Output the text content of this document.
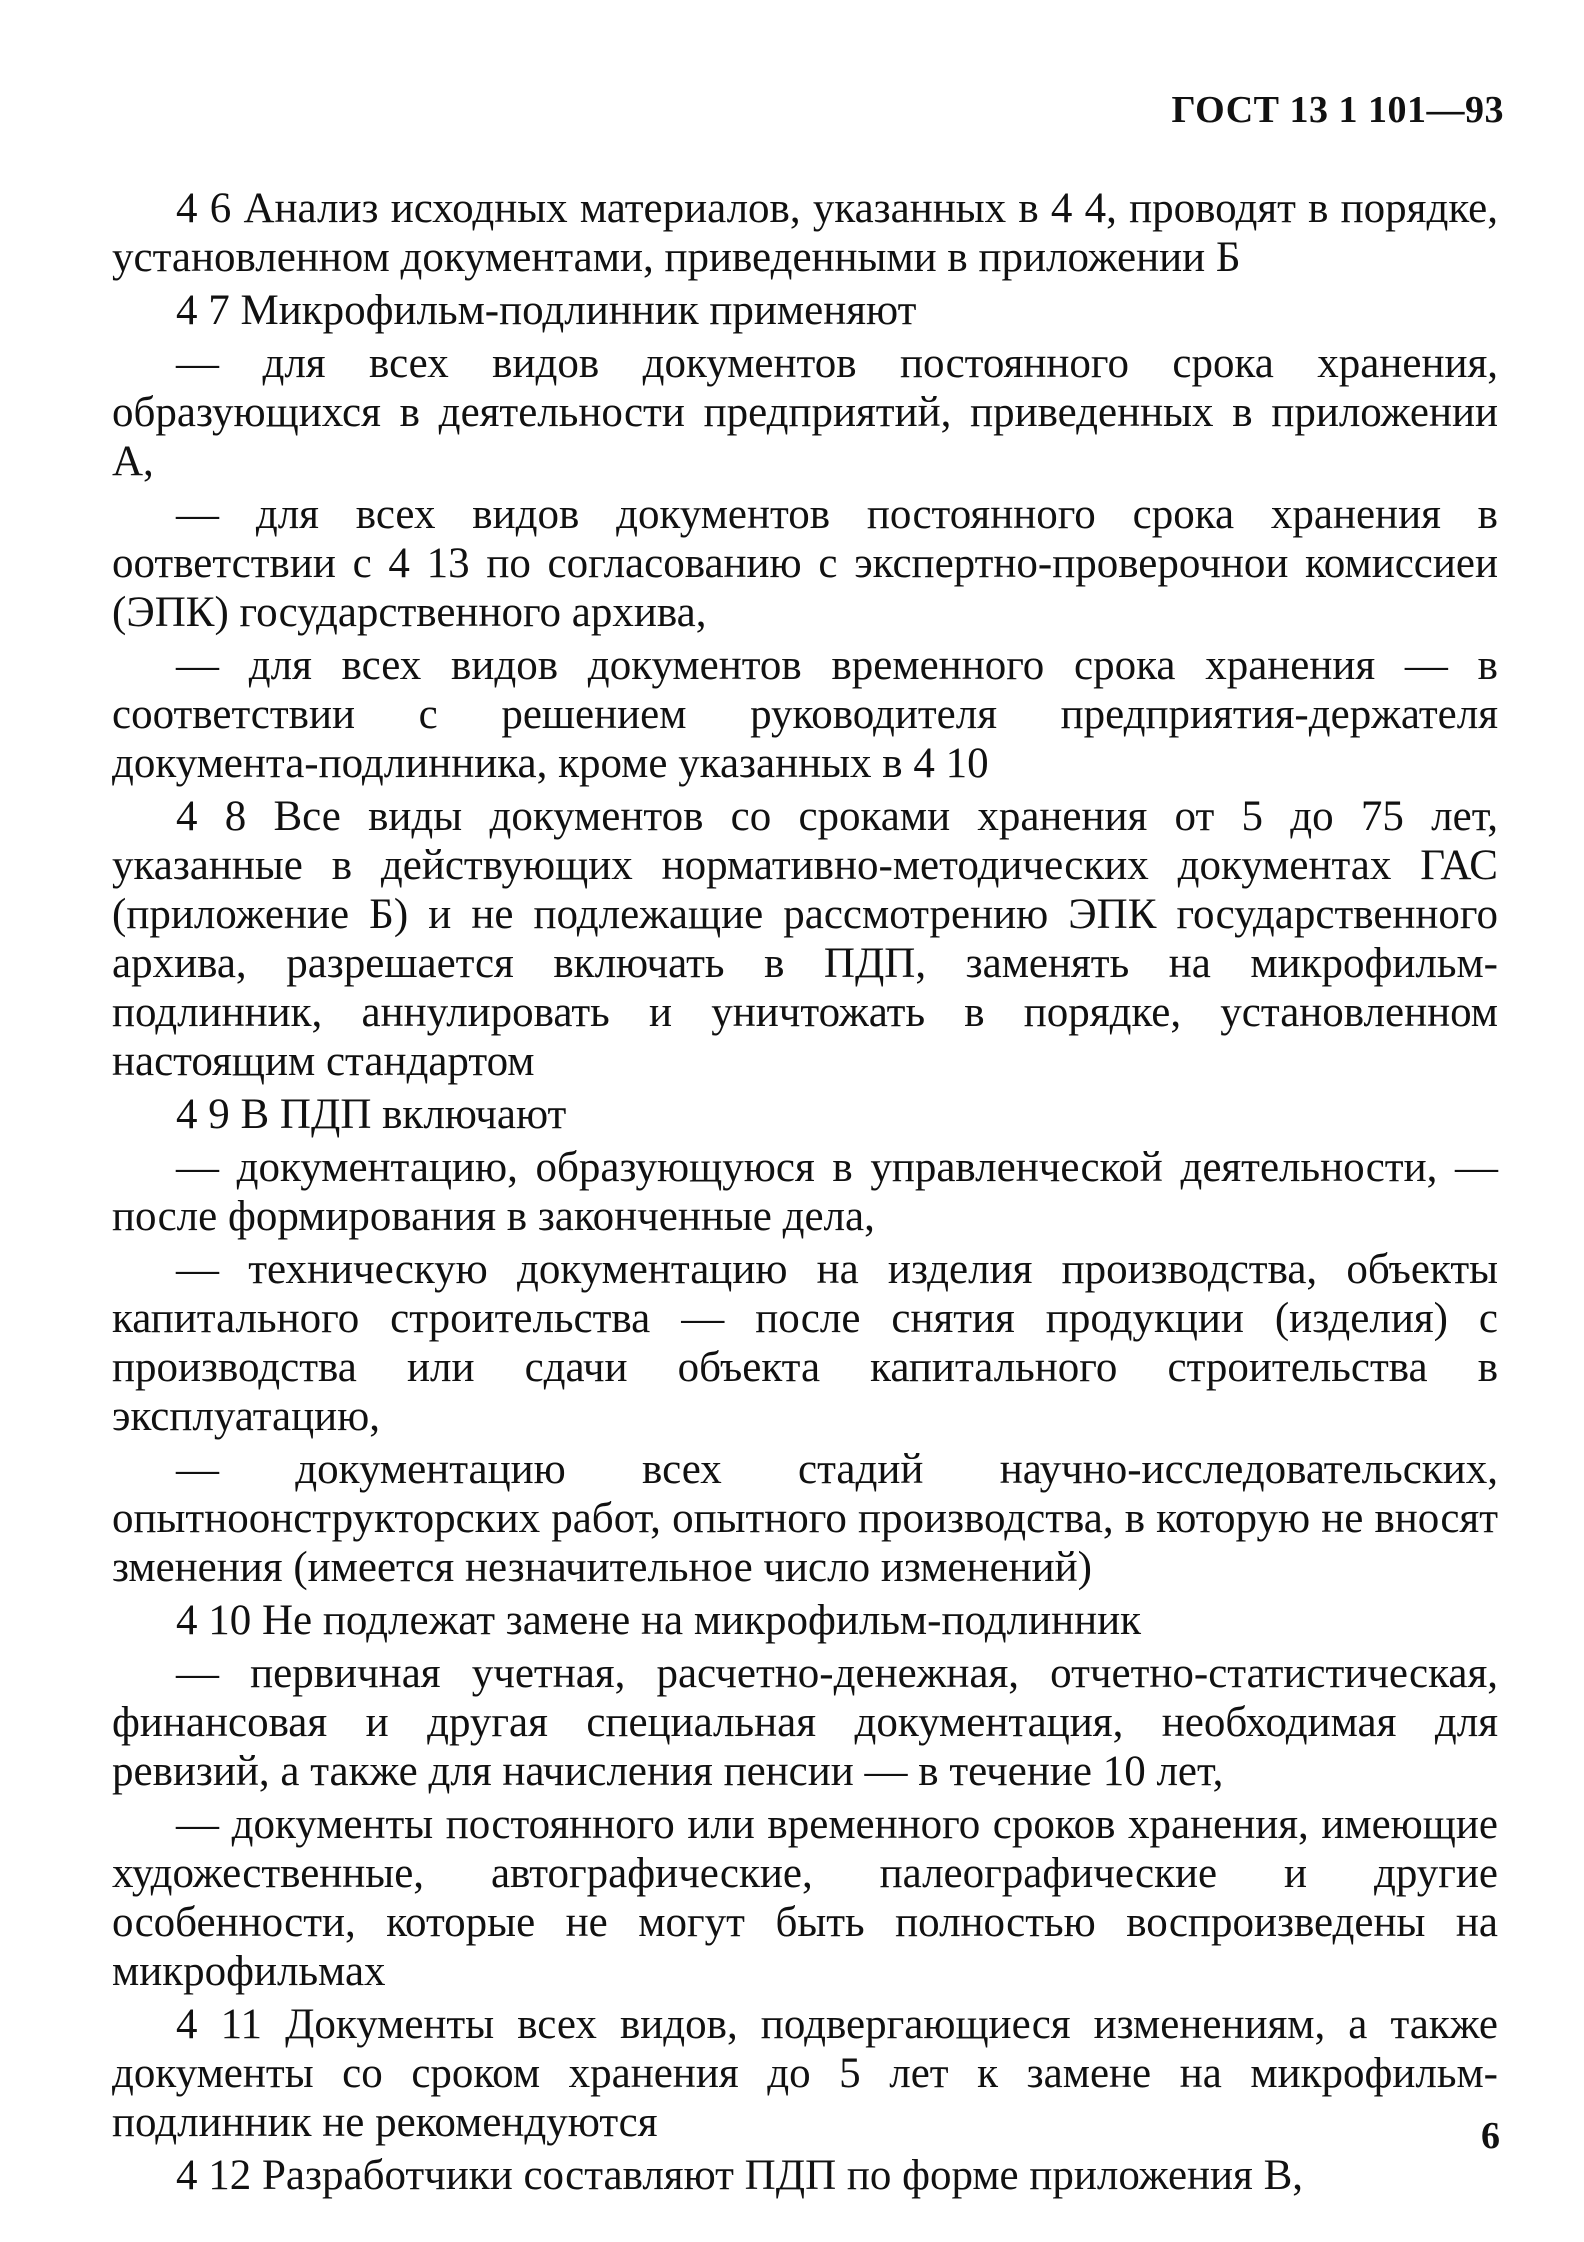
ГОСТ 13 1 101—93

4 6 Анализ исходных материалов, указанных в 4 4, проводят в порядке, установленном документами, приведенными в приложении Б

4 7 Микрофильм-подлинник применяют

— для всех видов документов постоянного срока хранения, образующихся в деятельности предприятий, приведенных в приложении А,

— для всех видов документов постоянного срока хранения в оответствии с 4 13 по согласованию с экспертно-проверочнои комиссиеи (ЭПК) государственного архива,

— для всех видов документов временного срока хранения — в соответствии с решением руководителя предприятия-держателя документа-подлинника, кроме указанных в 4 10

4 8 Все виды документов со сроками хранения от 5 до 75 лет, указанные в действующих нормативно-методических документах ГАС (приложение Б) и не подлежащие рассмотрению ЭПК государственного архива, разрешается включать в ПДП, заменять на микрофильм-подлинник, аннулировать и уничтожать в порядке, установленном настоящим стандартом

4 9 В ПДП включают

— документацию, образующуюся в управленческой деятельности, — после формирования в законченные дела,

— техническую документацию на изделия производства, объекты капитального строительства — после снятия продукции (изделия) с производства или сдачи объекта капитального строительства в эксплуатацию,

— документацию всех стадий научно-исследовательских, опытноонструкторских работ, опытного производства, в которую не вносят зменения (имеется незначительное число изменений)

4 10 Не подлежат замене на микрофильм-подлинник

— первичная учетная, расчетно-денежная, отчетно-статистическая, финансовая и другая специальная документация, необходимая для ревизий, а также для начисления пенсии — в течение 10 лет,

— документы постоянного или временного сроков хранения, имеющие художественные, автографические, палеографические и другие особенности, которые не могут быть полностью воспроизведены на микрофильмах

4 11 Документы всех видов, подвергающиеся изменениям, а также документы со сроком хранения до 5 лет к замене на микрофильм-подлинник не рекомендуются

4 12 Разработчики составляют ПДП по форме приложения В,

6
